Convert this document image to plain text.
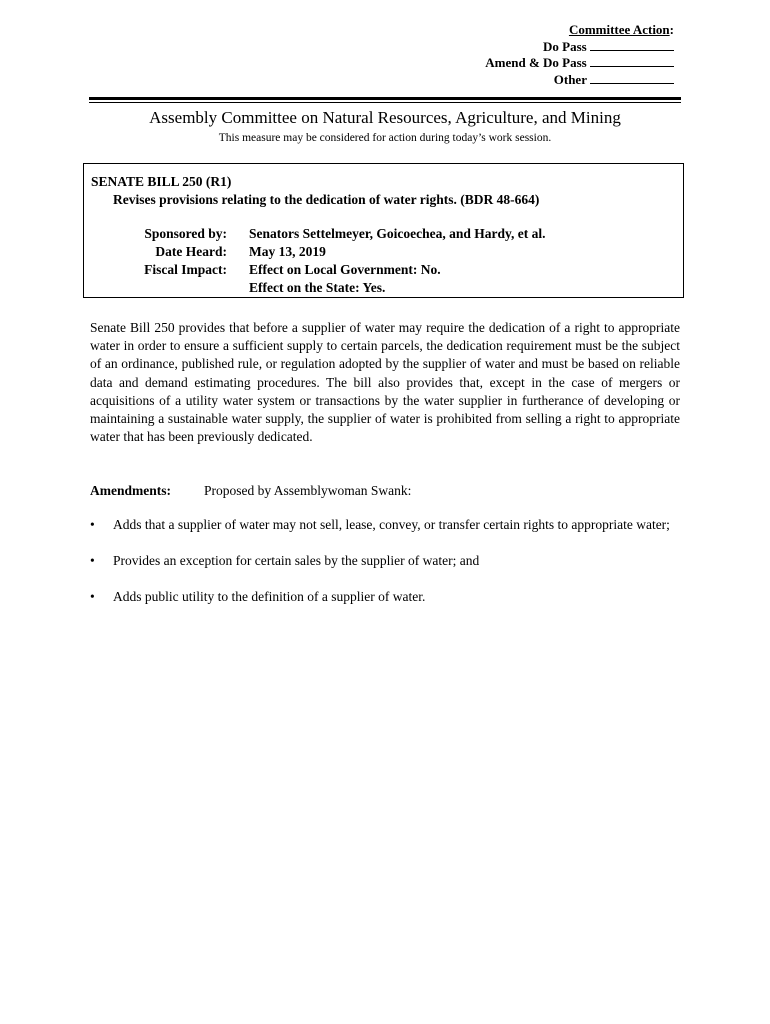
Committee Action:
Do Pass
Amend & Do Pass
Other
Assembly Committee on Natural Resources, Agriculture, and Mining
This measure may be considered for action during today’s work session.
SENATE BILL 250 (R1)
Revises provisions relating to the dedication of water rights. (BDR 48-664)
Sponsored by:
Date Heard:
Fiscal Impact:
Senators Settelmeyer, Goicoechea, and Hardy, et al.
May 13, 2019
Effect on Local Government: No.
Effect on the State: Yes.
Senate Bill 250 provides that before a supplier of water may require the dedication of a right to appropriate water in order to ensure a sufficient supply to certain parcels, the dedication requirement must be the subject of an ordinance, published rule, or regulation adopted by the supplier of water and must be based on reliable data and demand estimating procedures. The bill also provides that, except in the case of mergers or acquisitions of a utility water system or transactions by the water supplier in furtherance of developing or maintaining a sustainable water supply, the supplier of water is prohibited from selling a right to appropriate water that has been previously dedicated.
Amendments: Proposed by Assemblywoman Swank:
• Adds that a supplier of water may not sell, lease, convey, or transfer certain rights to appropriate water;
• Provides an exception for certain sales by the supplier of water; and
• Adds public utility to the definition of a supplier of water.
